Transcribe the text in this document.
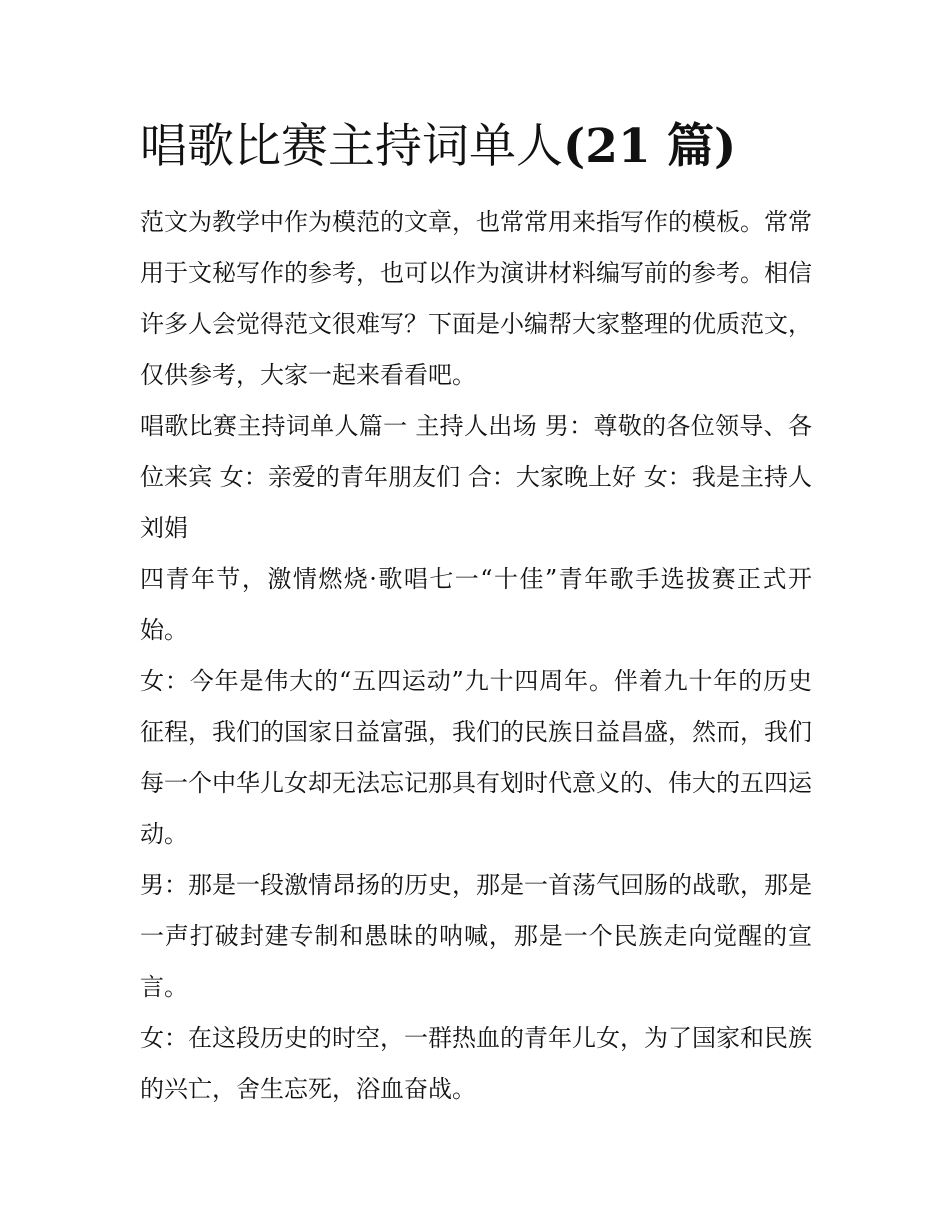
唱歌比赛主持词单人(21 篇)

范文为教学中作为模范的文章，也常常用来指写作的模板。常常用于文秘写作的参考，也可以作为演讲材料编写前的参考。相信许多人会觉得范文很难写？下面是小编帮大家整理的优质范文，仅供参考，大家一起来看看吧。

唱歌比赛主持词单人篇一 主持人出场 男：尊敬的各位领导、各位来宾 女：亲爱的青年朋友们 合：大家晚上好 女：我是主持人刘娟

四青年节，激情燃烧·歌唱七一“十佳”青年歌手选拔赛正式开始。

女：今年是伟大的“五四运动”九十四周年。伴着九十年的历史征程，我们的国家日益富强，我们的民族日益昌盛，然而，我们每一个中华儿女却无法忘记那具有划时代意义的、伟大的五四运动。

男：那是一段激情昂扬的历史，那是一首荡气回肠的战歌，那是一声打破封建专制和愚昧的呐喊，那是一个民族走向觉醒的宣言。

女：在这段历史的时空，一群热血的青年儿女，为了国家和民族的兴亡，舍生忘死，浴血奋战。
